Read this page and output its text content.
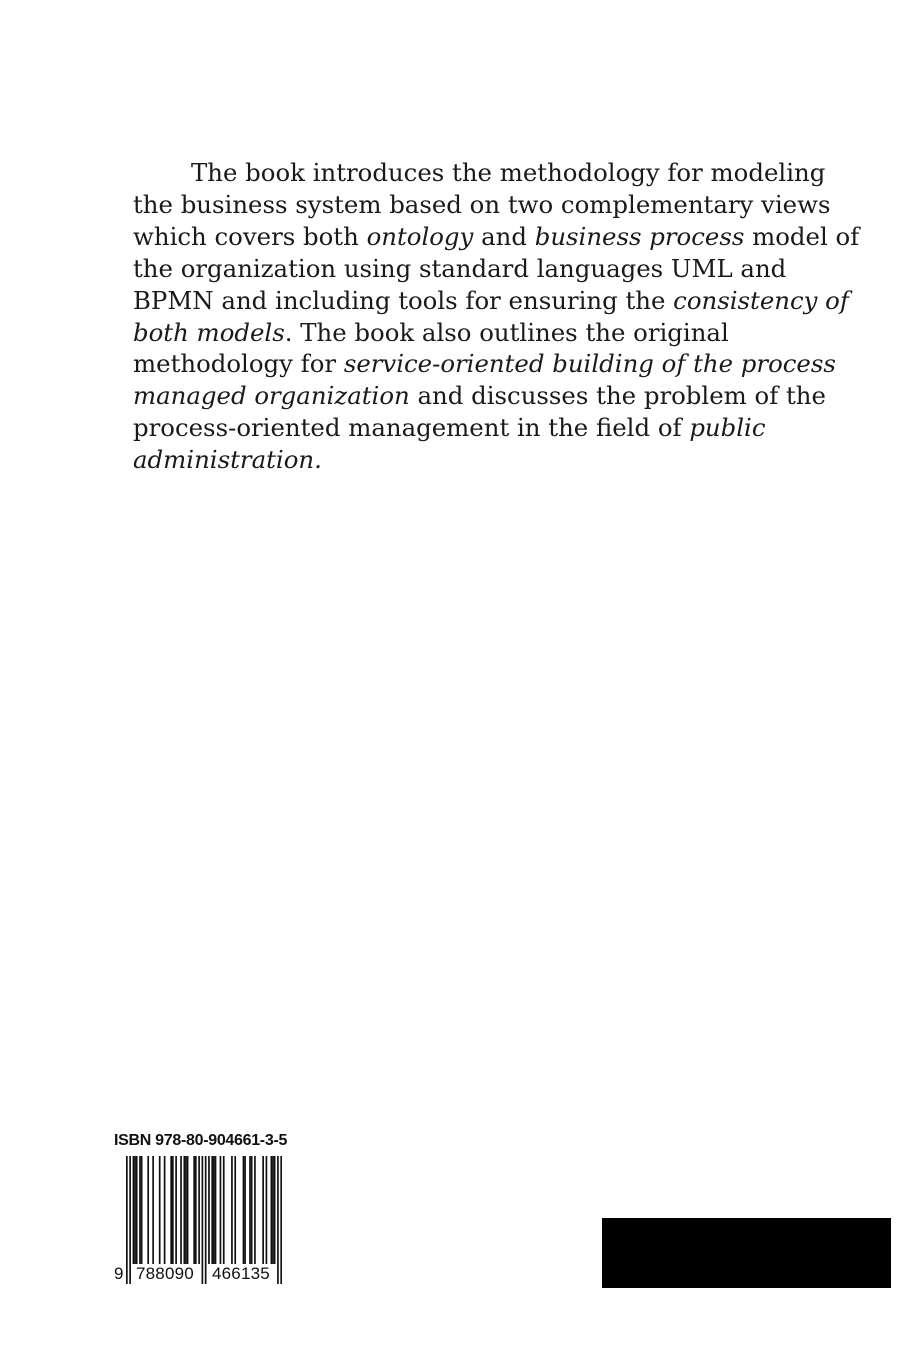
The book introduces the methodology for modeling
the business system based on two complementary views
which covers both ontology and business process model of
the organization using standard languages UML and
BPMN and including tools for ensuring the consistency of
both models. The book also outlines the original
methodology for service-oriented building of the process
managed organization and discusses the problem of the
process-oriented management in the field of public
administration.
ISBN 978-80-904661-3-5
9 788090 466135
